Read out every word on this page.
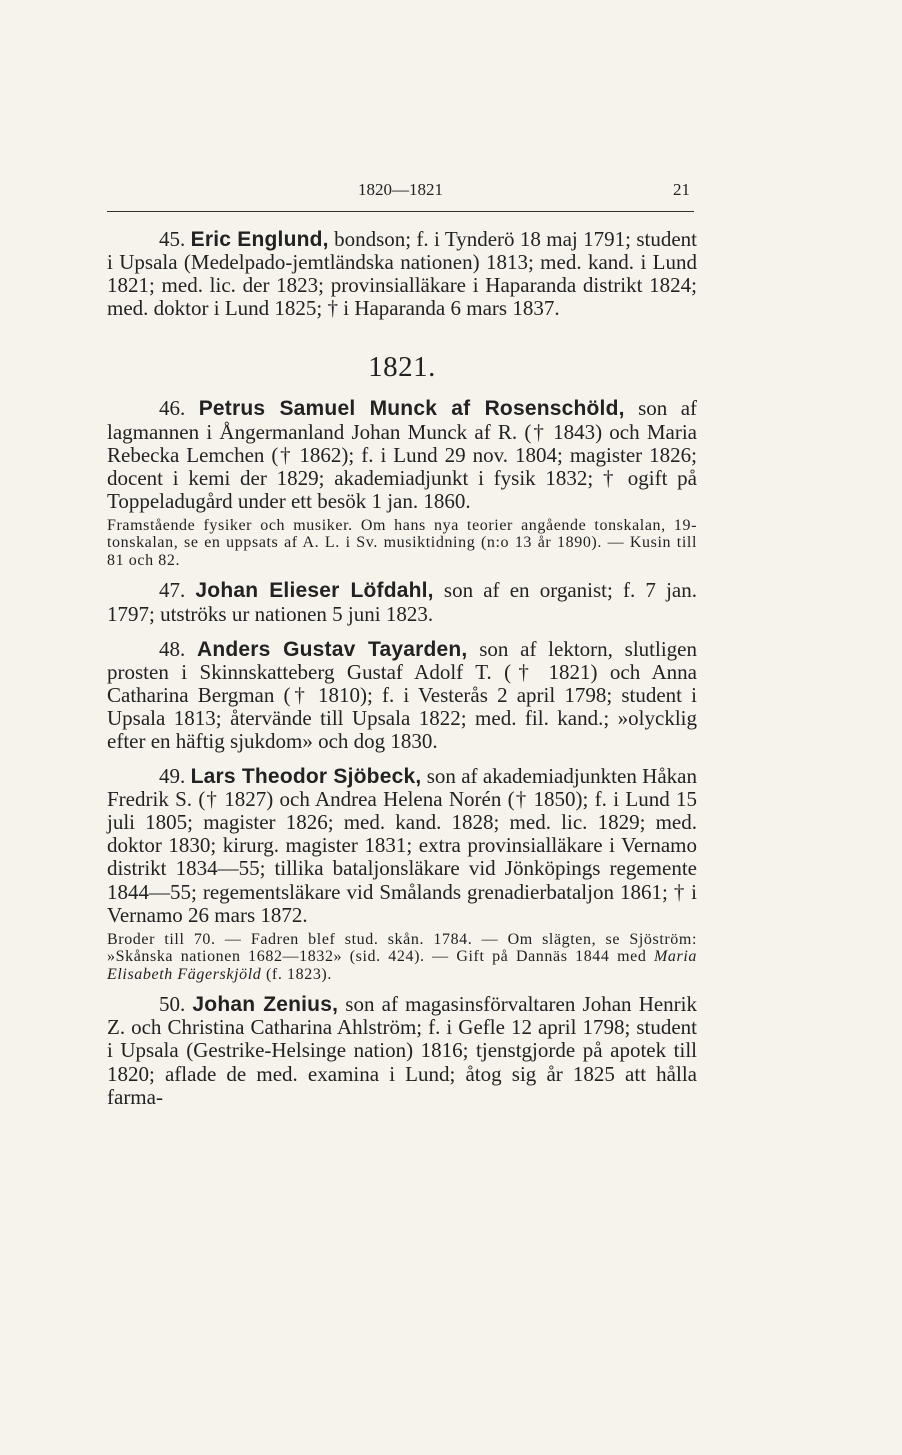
1820—1821	21

45. Eric Englund, bondson; f. i Tynderö 18 maj 1791; student i Upsala (Medelpado-jemtländska nationen) 1813; med. kand. i Lund 1821; med. lic. der 1823; provinsialläkare i Haparanda distrikt 1824; med. doktor i Lund 1825; † i Haparanda 6 mars 1837.

1821.

46. Petrus Samuel Munck af Rosenschöld, son af lagmannen i Ångermanland Johan Munck af R. († 1843) och Maria Rebecka Lemchen († 1862); f. i Lund 29 nov. 1804; magister 1826; docent i kemi der 1829; akademiadjunkt i fysik 1832; † ogift på Toppeladugård under ett besök 1 jan. 1860.

Framstående fysiker och musiker. Om hans nya teorier angående tonskalan, 19-tonskalan, se en uppsats af A. L. i Sv. musiktidning (n:o 13 år 1890). — Kusin till 81 och 82.

47. Johan Elieser Löfdahl, son af en organist; f. 7 jan. 1797; utströks ur nationen 5 juni 1823.

48. Anders Gustav Tayarden, son af lektorn, slutligen prosten i Skinnskatteberg Gustaf Adolf T. († 1821) och Anna Catharina Bergman († 1810); f. i Vesterås 2 april 1798; student i Upsala 1813; återvände till Upsala 1822; med. fil. kand.; »olycklig efter en häftig sjukdom» och dog 1830.

49. Lars Theodor Sjöbeck, son af akademiadjunkten Håkan Fredrik S. († 1827) och Andrea Helena Norén († 1850); f. i Lund 15 juli 1805; magister 1826; med. kand. 1828; med. lic. 1829; med. doktor 1830; kirurg. magister 1831; extra provinsialläkare i Vernamo distrikt 1834—55; tillika bataljonsläkare vid Jönköpings regemente 1844—55; regementsläkare vid Smålands grenadierbataljon 1861; † i Vernamo 26 mars 1872.

Broder till 70. — Fadren blef stud. skån. 1784. — Om slägten, se Sjöström: »Skånska nationen 1682—1832» (sid. 424). — Gift på Dannäs 1844 med Maria Elisabeth Fägerskjöld (f. 1823).

50. Johan Zenius, son af magasinsförvaltaren Johan Henrik Z. och Christina Catharina Ahlström; f. i Gefle 12 april 1798; student i Upsala (Gestrike-Helsinge nation) 1816; tjenstgjorde på apotek till 1820; aflade de med. examina i Lund; åtog sig år 1825 att hålla farma-
